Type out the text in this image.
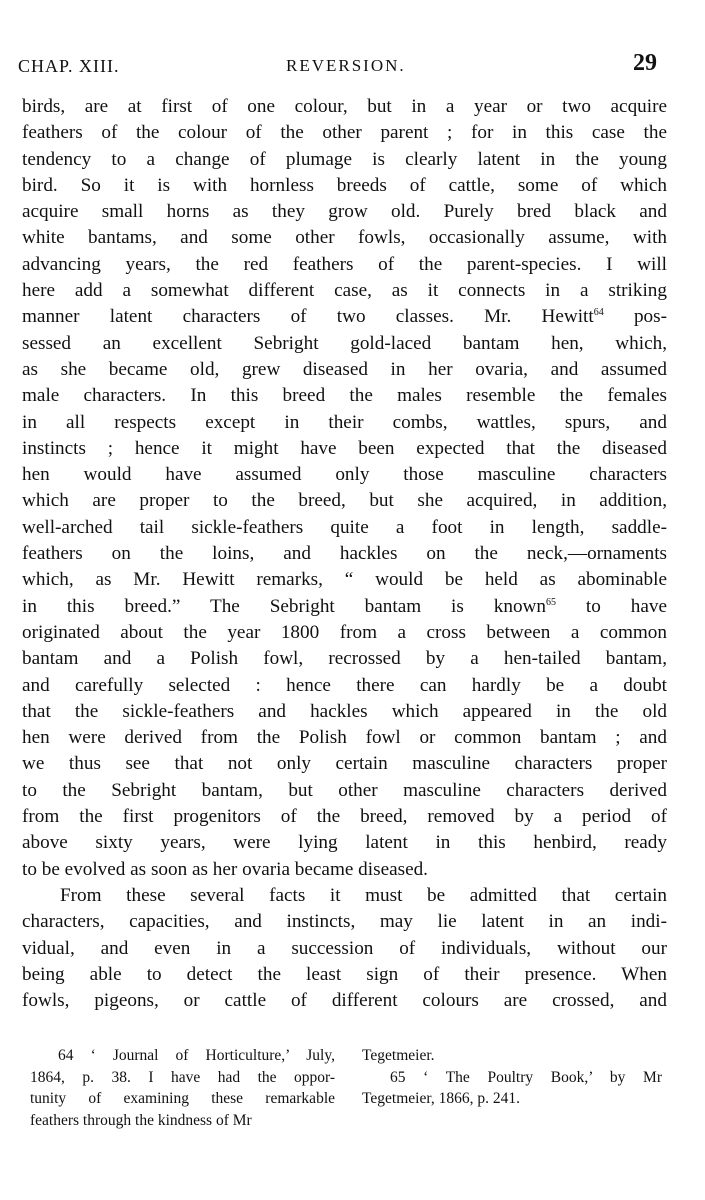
CHAP. XIII.	REVERSION.	29
birds, are at first of one colour, but in a year or two acquire
feathers of the colour of the other parent ; for in this case the
tendency to a change of plumage is clearly latent in the young
bird. So it is with hornless breeds of cattle, some of which
acquire small horns as they grow old. Purely bred black and
white bantams, and some other fowls, occasionally assume, with
advancing years, the red feathers of the parent-species. I will
here add a somewhat different case, as it connects in a striking
manner latent characters of two classes. Mr. Hewitt$^{64}$ pos-
sessed an excellent Sebright gold-laced bantam hen, which,
as she became old, grew diseased in her ovaria, and assumed
male characters. In this breed the males resemble the females
in all respects except in their combs, wattles, spurs, and
instincts ; hence it might have been expected that the diseased
hen would have assumed only those masculine characters
which are proper to the breed, but she acquired, in addition,
well-arched tail sickle-feathers quite a foot in length, saddle-
feathers on the loins, and hackles on the neck,—ornaments
which, as Mr. Hewitt remarks, “ would be held as abominable
in this breed.” The Sebright bantam is known$^{65}$ to have
originated about the year 1800 from a cross between a common
bantam and a Polish fowl, recrossed by a hen-tailed bantam,
and carefully selected : hence there can hardly be a doubt
that the sickle-feathers and hackles which appeared in the old
hen were derived from the Polish fowl or common bantam ; and
we thus see that not only certain masculine characters proper
to the Sebright bantam, but other masculine characters derived
from the first progenitors of the breed, removed by a period of
above sixty years, were lying latent in this henbird, ready
to be evolved as soon as her ovaria became diseased.
From these several facts it must be admitted that certain
characters, capacities, and instincts, may lie latent in an indi-
vidual, and even in a succession of individuals, without our
being able to detect the least sign of their presence. When
fowls, pigeons, or cattle of different colours are crossed, and
64 ‘ Journal of Horticulture,’ July,
1864, p. 38. I have had the oppor-
tunity of examining these remarkable
feathers through the kindness of Mr
Tegetmeier.
65 ‘ The Poultry Book,’ by Mr
Tegetmeier, 1866, p. 241.
